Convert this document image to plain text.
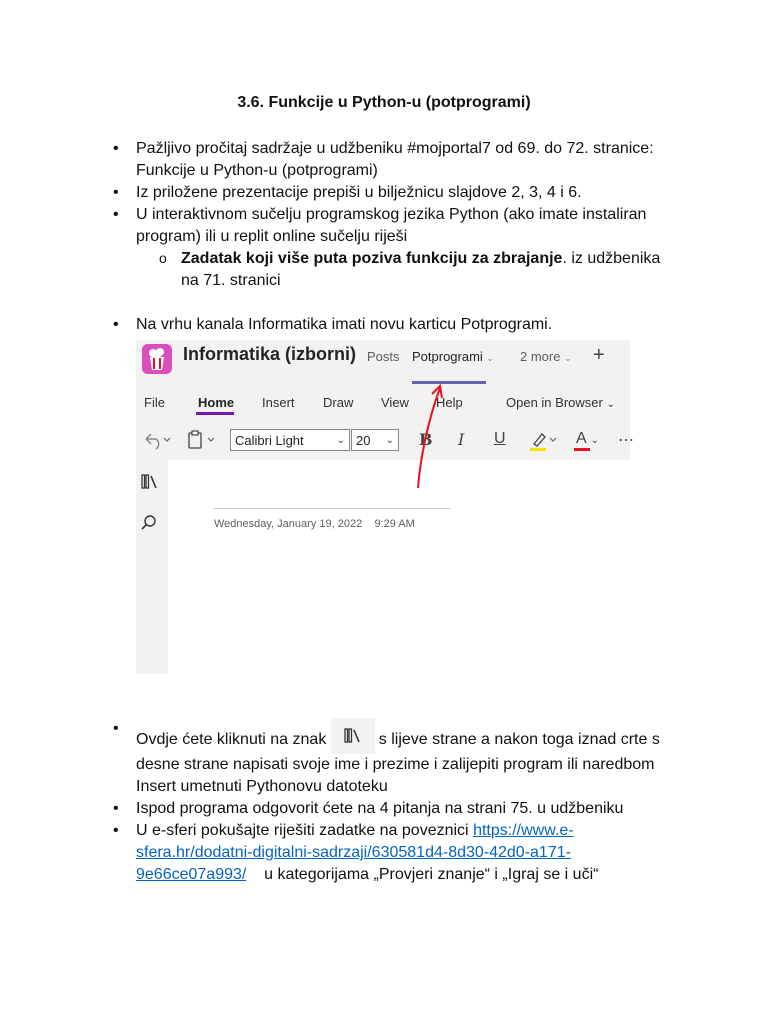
3.6. Funkcije u Python-u (potprogrami)

• Pažljivo pročitaj sadržaje u udžbeniku #mojportal7 od 69. do 72. stranice: Funkcije u Python-u (potprogrami)

• Iz priložene prezentacije prepiši u bilježnicu slajdove 2, 3, 4 i 6.

• U interaktivnom sučelju programskog jezika Python (ako imate instaliran program) ili u replit online sučelju riješi

o Zadatak koji više puta poziva funkciju za zbrajanje. iz udžbenika na 71. stranici

• Na vrhu kanala Informatika imati novu karticu Potprogrami.

Informatika (izborni) Posts Potprogrami ⌄ 2 more ⌄ +
File	Home Insert Draw View Help	Open in Browser ⌄
Calibri Light	⌄ 20 ⌄ B I U	A ⌄ ⋯
Wednesday, January 19, 2022 9:29 AM

• Ovdje ćete kliknuti na znak	s lijeve strane a nakon toga iznad crte s desne strane napisati svoje ime i prezime i zalijepiti program ili naredbom Insert umetnuti Pythonovu datoteku

• Ispod programa odgovorit ćete na 4 pitanja na strani 75. u udžbeniku

• U e-sferi pokušajte riješiti zadatke na poveznici https://www.e-sfera.hr/dodatni-digitalni-sadrzaji/630581d4-8d30-42d0-a171-9e66ce07a993/ u kategorijama „Provjeri znanje“ i „Igraj se i uči“
